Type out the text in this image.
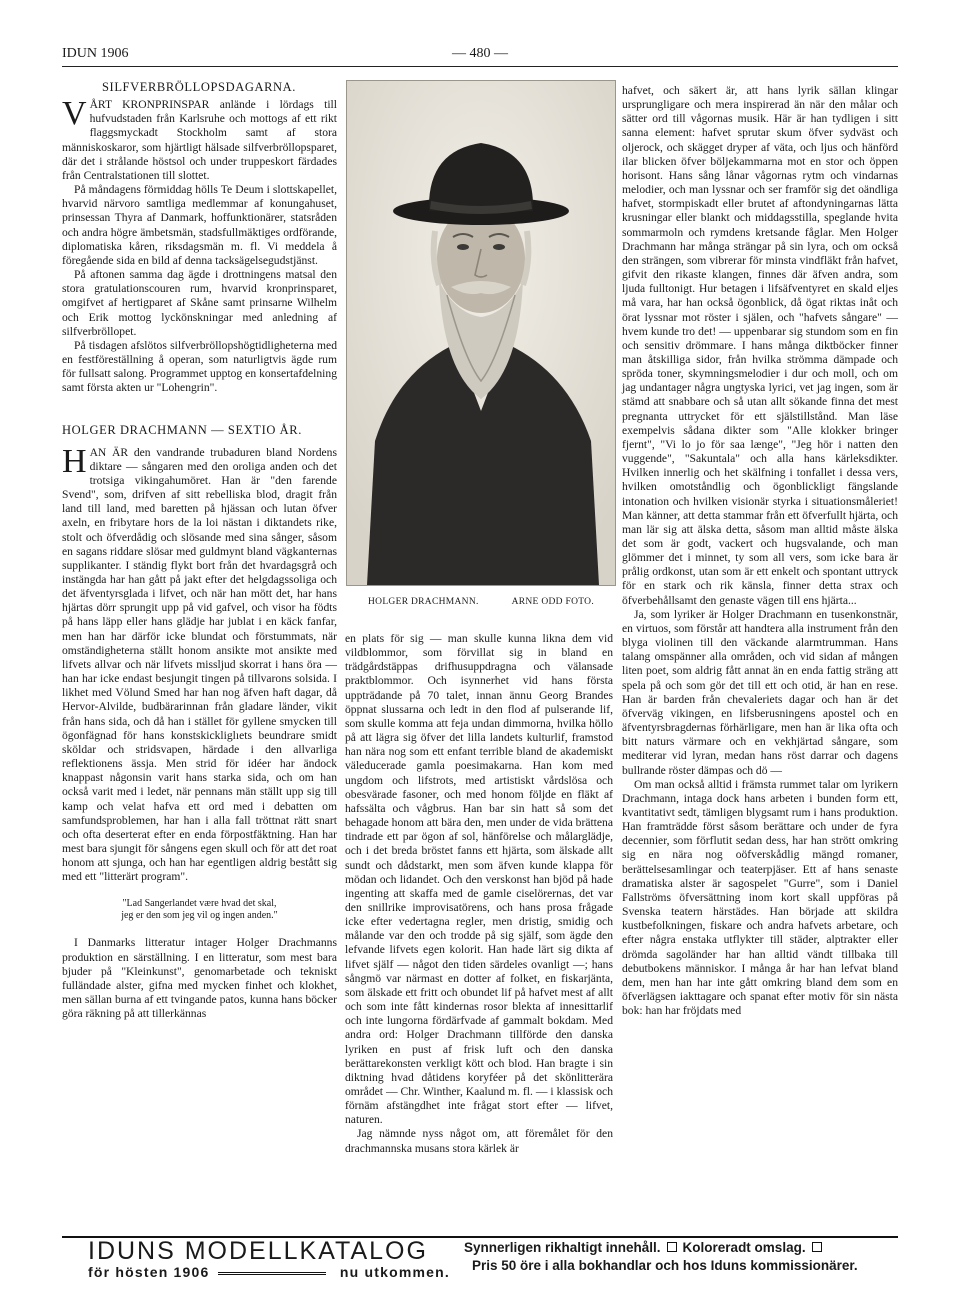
IDUN 1906	— 480 —

SILFVERBRÖLLOPSDAGARNA.

VÅRT KRONPRINSPAR anlände i lördags till hufvudstaden från Karlsruhe och mottogs af ett rikt flaggsmyckadt Stockholm samt af stora människoskaror, som hjärtligt hälsade silfverbröllopsparet, där det i strålande höstsol och under truppeskort färdades från Centralstationen till slottet.

På måndagens förmiddag hölls Te Deum i slottskapellet, hvarvid närvoro samtliga medlemmar af konungahuset, prinsessan Thyra af Danmark, hoffunktionärer, statsråden och andra högre ämbetsmän, stadsfullmäktiges ordförande, diplomatiska kåren, riksdagsmän m. fl. Vi meddela å föregående sida en bild af denna tacksägelsegudstjänst.

På aftonen samma dag ägde i drottningens matsal den stora gratulationscouren rum, hvarvid kronprinsparet, omgifvet af hertigparet af Skåne samt prinsarne Wilhelm och Erik mottog lyckönskningar med anledning af silfverbröllopet.

På tisdagen afslötos silfverbröllopshögtidligheterna med en festföreställning å operan, som naturligtvis ägde rum för fullsatt salong. Programmet upptog en konsertafdelning samt första akten ur "Lohengrin".

HOLGER DRACHMANN — SEXTIO ÅR.

HAN ÄR den vandrande trubaduren bland Nordens diktare — sångaren med den oroliga anden och det trotsiga vikingahumöret. Han är "den farende Svend", som, drifven af sitt rebelliska blod, dragit från land till land, med baretten på hjässan och lutan öfver axeln, en fribytare hors de la loi nästan i diktandets rike, stolt och öfverdådig och slösande med sina sånger, såsom en sagans riddare slösar med guldmynt bland vägkanternas supplikanter. I ständig flykt bort från det hvardagsgrå och instängda har han gått på jakt efter det helgdagssoliga och det äfventyrsglada i lifvet, och när han mött det, har hans hjärtas dörr sprungit upp på vid gafvel, och visor ha födts på hans läpp eller hans glädje har jublat i en käck fanfar, men han har därför icke blundat och förstummats, när omständigheterna ställt honom ansikte mot ansikte med lifvets allvar och när lifvets missljud skorrat i hans öra — han har icke endast besjungit tingen på tillvarons solsida. I likhet med Völund Smed har han nog äfven haft dagar, då Hervor-Alvilde, budbärarinnan från gladare länder, vikit från hans sida, och då han i stället för gyllene smycken till ögonfägnad för hans konstskickliglıets beundrare smidt sköldar och stridsvapen, härdade i den allvarliga reflektionens ässja. Men strid för idéer har ändock knappast någonsin varit hans starka sida, och om han också varit med i ledet, när pennans män ställt upp sig till kamp och velat hafva ett ord med i debatten om samfundsproblemen, har han i alla fall tröttnat rätt snart och ofta deserterat efter en enda förpostfäktning. Han har mest bara sjungit för sångens egen skull och för att det roat honom att sjunga, och han har egentligen aldrig bestått sig med ett "litterärt program".

"Lad Sangerlandet være hvad det skal,
jeg er den som jeg vil og ingen anden."

I Danmarks litteratur intager Holger Drachmanns produktion en särställning. I en litteratur, som mest bara bjuder på "Kleinkunst", genomarbetade och tekniskt fulländade alster, gifna med mycken finhet och klokhet, men sällan burna af ett tvingande patos, kunna hans böcker göra räkning på att tillerkännas

HOLGER DRACHMANN.	ARNE ODD FOTO.

en plats för sig — man skulle kunna likna dem vid vildblommor, som förvillat sig in bland en trädgårdstäppas drifhusuppdragna och välansade praktblommor. Och isynnerhet vid hans första uppträdande på 70 talet, innan ännu Georg Brandes öppnat slussarna och ledt in den flod af pulserande lif, som skulle komma att feja undan dimmorna, hvilka höllo på att lägra sig öfver det lilla landets kulturlif, framstod han nära nog som ett enfant terrible bland de akademiskt väleducerade gamla poesimakarna. Han kom med ungdom och lifstrots, med artistiskt vårdslösa och obesvärade fasoner, och med honom följde en fläkt af hafssälta och vågbrus. Han bar sin hatt så som det behagade honom att bära den, men under de vida brättena tindrade ett par ögon af sol, hänförelse och målarglädje, och i det breda bröstet fanns ett hjärta, som älskade allt sundt och dådstarkt, men som äfven kunde klappa för mödan och lidandet. Och den verskonst han bjöd på hade ingenting att skaffa med de gamle ciselörernas, det var den snillrike improvisatörens, och hans prosa frågade icke efter vedertagna regler, men dristig, smidig och målande var den och trodde på sig själf, som ägde den lefvande lifvets egen kolorit. Han hade lärt sig dikta af lifvet själf — något den tiden särdeles ovanligt —; hans sångmö var närmast en dotter af folket, en fiskarjänta, som älskade ett fritt och obundet lif på hafvet mest af allt och som inte fått kindernas rosor blekta af innesittarlif och inte lungorna fördärfvade af gammalt bokdam. Med andra ord: Holger Drachmann tillförde den danska lyriken en pust af frisk luft och den danska berättarekonsten verkligt kött och blod. Han bragte i sin diktning hvad dåtidens koryféer på det skönlitterära området — Chr. Winther, Kaalund m. fl. — i klassisk och förnäm afstängdhet inte frågat stort efter — lifvet, naturen.

Jag nämnde nyss något om, att föremålet för den drachmannska musans stora kärlek är

hafvet, och säkert är, att hans lyrik sällan klingar ursprungligare och mera inspirerad än när den målar och sätter ord till vågornas musik. Här är han tydligen i sitt sanna element: hafvet sprutar skum öfver sydväst och oljerock, och skägget dryper af väta, och ljus och hänförd ilar blicken öfver böljekammarna mot en stor och öppen horisont. Hans sång lånar vågornas rytm och vindarnas melodier, och man lyssnar och ser framför sig det oändliga hafvet, stormpiskadt eller brutet af aftondyningarnas lätta krusningar eller blankt och middagsstilla, speglande hvita sommarmoln och rymdens kretsande fåglar. Men Holger Drachmann har många strängar på sin lyra, och om också den strängen, som vibrerar för minsta vindfläkt från hafvet, gifvit den rikaste klangen, finnes där äfven andra, som ljuda fulltonigt. Hur betagen i lifsäfventyret en skald eljes må vara, har han också ögonblick, då ögat riktas inåt och örat lyssnar mot röster i själen, och "hafvets sångare" — hvem kunde tro det! — uppenbarar sig stundom som en fin och sensitiv drömmare. I hans många diktböcker finner man åtskilliga sidor, från hvilka strömma dämpade och spröda toner, skymningsmelodier i dur och moll, och om jag undantager några ungtyska lyrici, vet jag ingen, som är stämd att snabbare och så utan allt sökande finna det mest pregnanta uttrycket för ett själstillstånd. Man läse exempelvis sådana dikter som "Alle klokker bringer fjernt", "Vi lo jo för saa længe", "Jeg hör i natten den vuggende", "Sakuntala" och alla hans kärleksdikter. Hvilken innerlig och het skälfning i tonfallet i dessa vers, hvilken omotståndlig och ögonblickligt fängslande intonation och hvilken visionär styrka i situationsmåleriet! Man känner, att detta stammar från ett öfverfullt hjärta, och man lär sig att älska detta, såsom man alltid måste älska det som är godt, vackert och hugsvalande, och man glömmer det i minnet, ty som all vers, som icke bara är prålig ordkonst, utan som är ett enkelt och spontant uttryck för en stark och rik känsla, finner detta strax och öfverbehållsamt den genaste vägen till ens hjärta...

Ja, som lyriker är Holger Drachmann en tusenkonstnär, en virtuos, som förstår att handtera alla instrument från den blyga violinen till den väckande alarmtrumman. Hans talang omspänner alla områden, och vid sidan af mången liten poet, som aldrig fått annat än en enda fattig sträng att spela på och som gör det till ett och otid, är han en rese. Han är barden från chevaleriets dagar och han är det öfverväg vikingen, en lifsberusningens apostel och en äfventyrsbragdernas förhärligare, men han är lika ofta och bitt naturs värmare och en vekhjärtad sångare, som mediterar vid lyran, medan hans röst darrar och dagens bullrande röster dämpas och dö —

Om man också alltid i främsta rummet talar om lyrikern Drachmann, intaga dock hans arbeten i bunden form ett, kvantitativt sedt, tämligen blygsamt rum i hans produktion. Han framträdde först såsom berättare och under de fyra decennier, som förflutit sedan dess, har han strött omkring sig en nära nog oöfverskådlig mängd romaner, berättelsesamlingar och teaterpjäser. Ett af hans senaste dramatiska alster är sagospelet "Gurre", som i Daniel Fallströms öfversättning inom kort skall uppföras på Svenska teatern härstädes. Han började att skildra kustbefolkningen, fiskare och andra hafvets arbetare, och efter några enstaka utflykter till städer, alptrakter eller drömda sagoländer har han alltid vändt tillbaka till debutbokens människor. I många år har han lefvat bland dem, men han har inte gått omkring bland dem som en öfverlägsen iakttagare och spanat efter motiv för sin nästa bok: han har fröjdats med

IDUNS MODELLKATALOG
för hösten 1906	nu utkommen.
Synnerligen rikhaltigt innehåll. Koloreradt omslag.
Pris 50 öre i alla bokhandlar och hos Iduns kommissionärer.
